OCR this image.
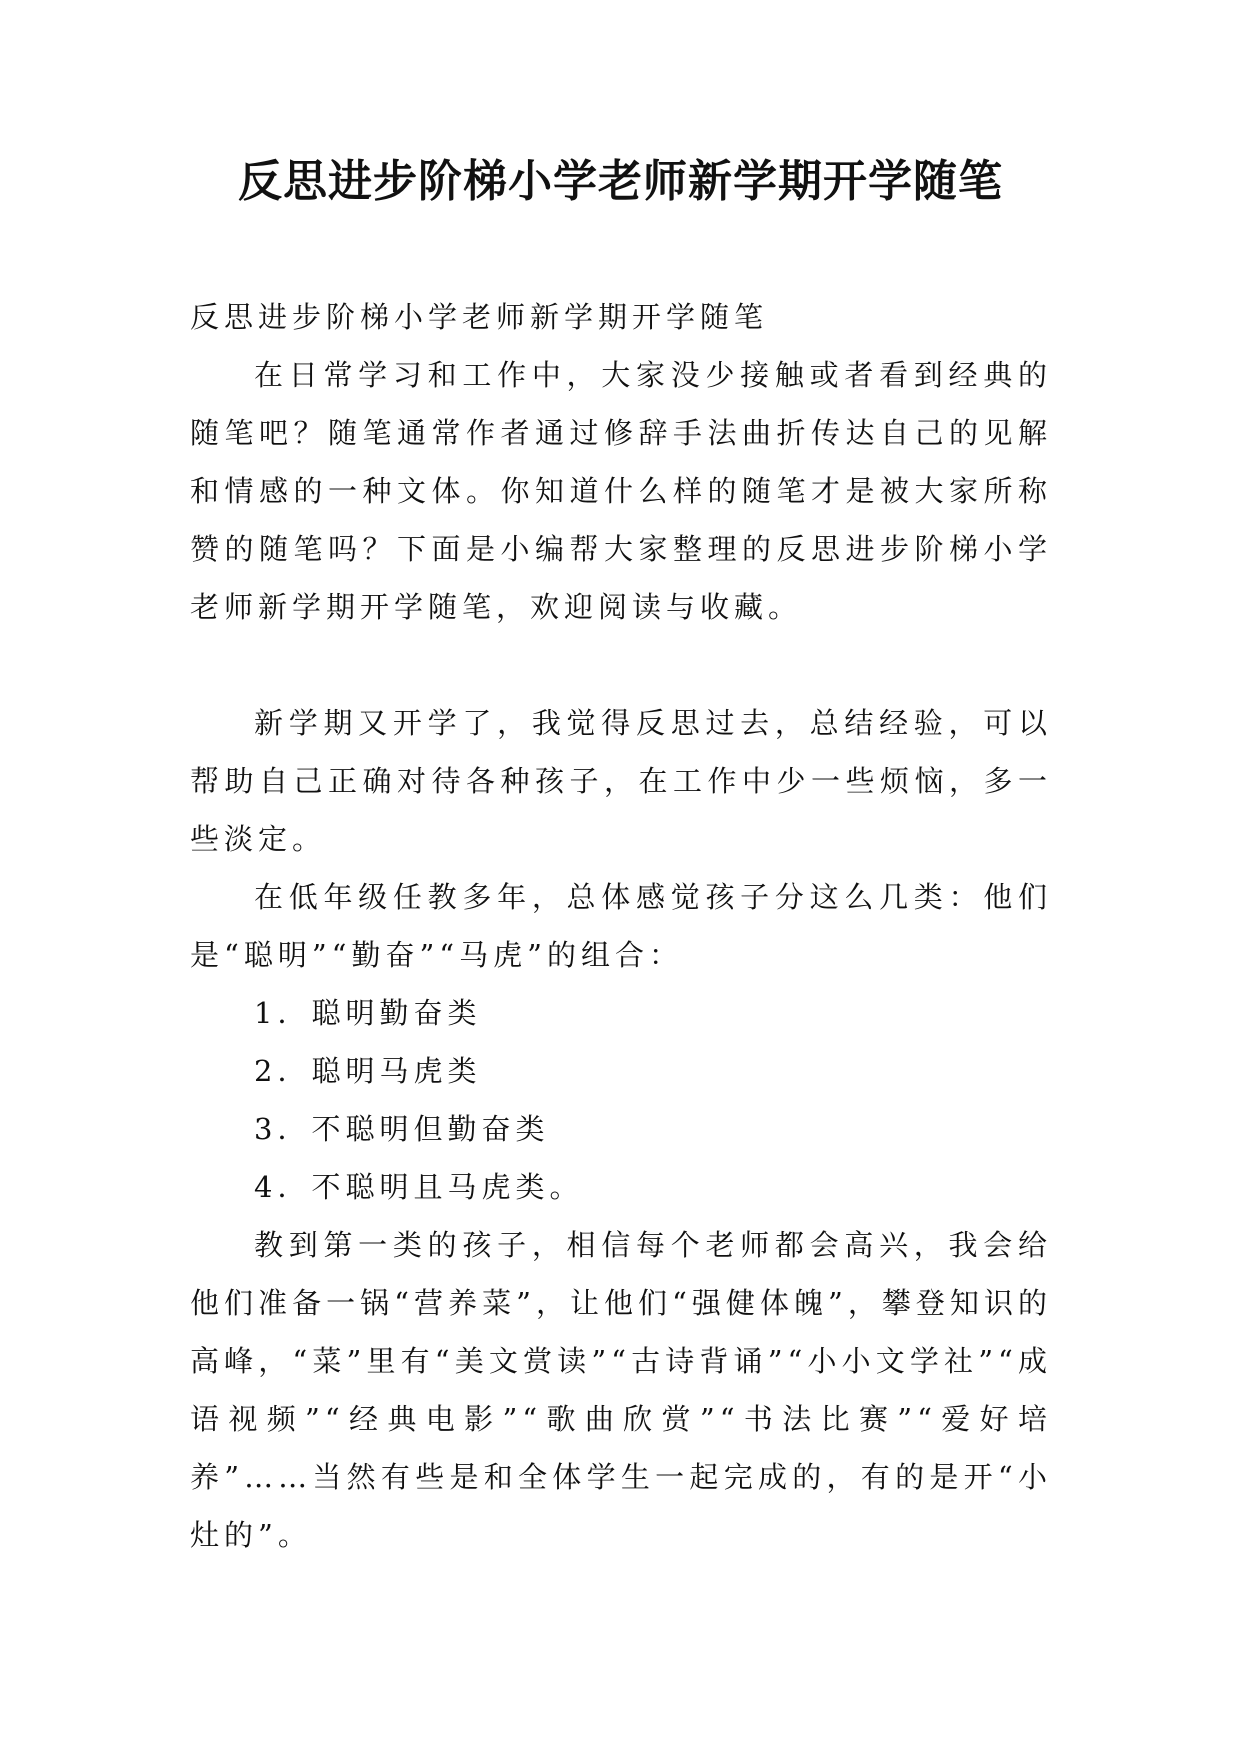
反思进步阶梯小学老师新学期开学随笔

反思进步阶梯小学老师新学期开学随笔

在日常学习和工作中，大家没少接触或者看到经典的随笔吧？随笔通常作者通过修辞手法曲折传达自己的见解和情感的一种文体。你知道什么样的随笔才是被大家所称赞的随笔吗？下面是小编帮大家整理的反思进步阶梯小学老师新学期开学随笔，欢迎阅读与收藏。

新学期又开学了，我觉得反思过去，总结经验，可以帮助自己正确对待各种孩子，在工作中少一些烦恼，多一些淡定。

在低年级任教多年，总体感觉孩子分这么几类：他们是“聪明”“勤奋”“马虎”的组合：

1．聪明勤奋类

2．聪明马虎类

3．不聪明但勤奋类

4．不聪明且马虎类。

教到第一类的孩子，相信每个老师都会高兴，我会给他们准备一锅“营养菜”，让他们“强健体魄”，攀登知识的高峰，“菜”里有“美文赏读”“古诗背诵”“小小文学社”“成语视频”“经典电影”“歌曲欣赏”“书法比赛”“爱好培养”……当然有些是和全体学生一起完成的，有的是开“小灶的”。
